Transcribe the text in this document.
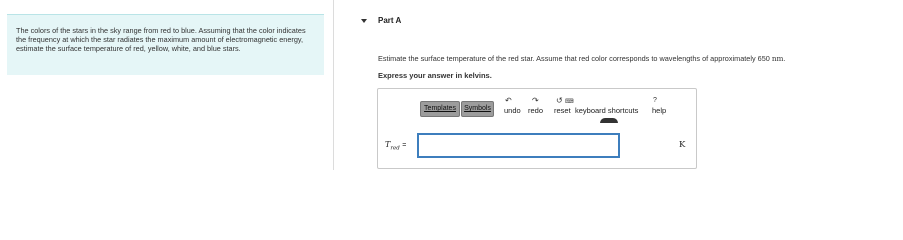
The colors of the stars in the sky range from red to blue. Assuming that the color indicates the frequency at which the star radiates the maximum amount of electromagnetic energy, estimate the surface temperature of red, yellow, white, and blue stars.
Part A
Estimate the surface temperature of the red star. Assume that red color corresponds to wavelengths of approximately 650 nm.
Express your answer in kelvins.
Templates	Symbols
↶
undo
↷
redo
↺
reset
⌨
keyboard shortcuts
?
help
$T_{red}$ =	K
